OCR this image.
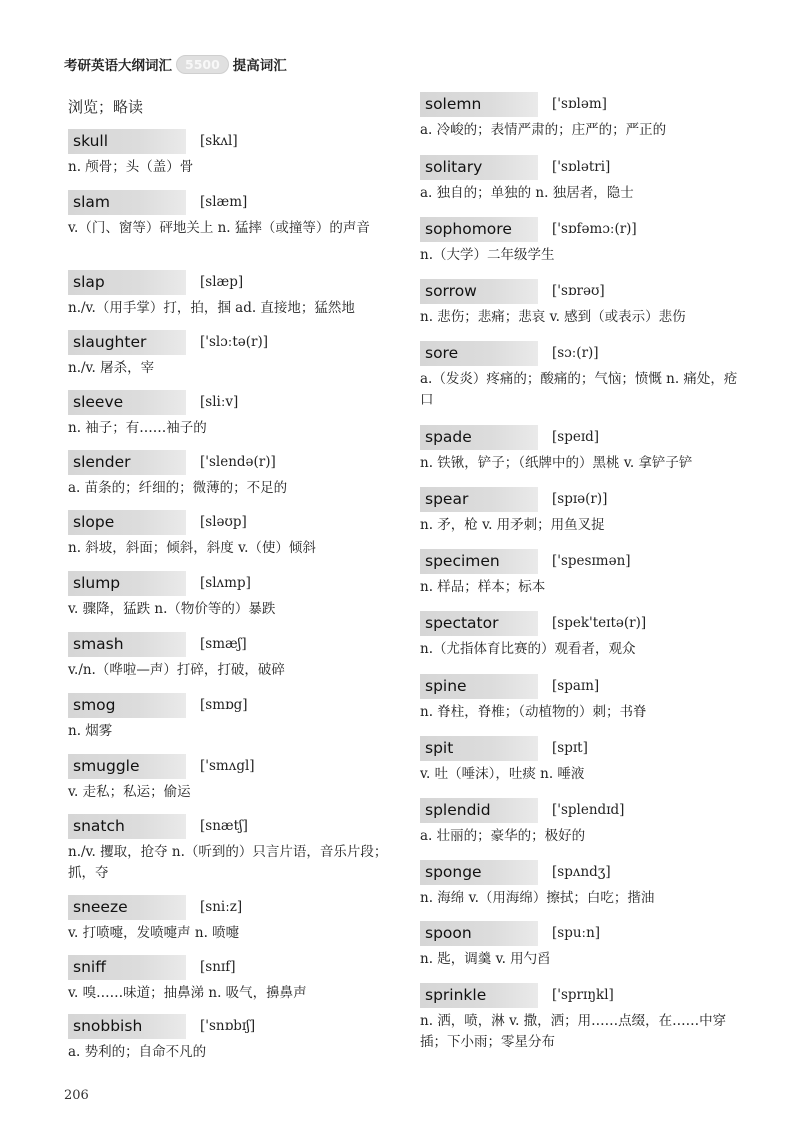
考研英语大纲词汇	5500 提高词汇
浏览；略读
skull	[skʌl]
n. 颅骨；头（盖）骨
slam	[slæm]
v.（门、窗等）砰地关上 n. 猛摔（或撞等）的声音
slap	[slæp]
n./v.（用手掌）打，拍，掴 ad. 直接地；猛然地
slaughter	['slɔːtə(r)]
n./v. 屠杀，宰
sleeve	[sliːv]
n. 袖子；有……袖子的
slender	['slendə(r)]
a. 苗条的；纤细的；微薄的；不足的
slope	[sləʊp]
n. 斜坡，斜面；倾斜，斜度 v.（使）倾斜
slump	[slʌmp]
v. 骤降，猛跌 n.（物价等的）暴跌
smash	[smæʃ]
v./n.（哗啦—声）打碎，打破，破碎
smog	[smɒg]
n. 烟雾
smuggle	['smʌgl]
v. 走私；私运；偷运
snatch	[snætʃ]
n./v. 攫取，抢夺 n.（听到的）只言片语，音乐片段；抓，夺
sneeze	[sniːz]
v. 打喷嚏，发喷嚏声 n. 喷嚏
sniff	[snɪf]
v. 嗅……味道；抽鼻涕 n. 吸气，擤鼻声
snobbish	['snɒbɪʃ]
a. 势利的；自命不凡的
solemn	['sɒləm]
a. 冷峻的；表情严肃的；庄严的；严正的
solitary	['sɒlətri]
a. 独自的；单独的 n. 独居者，隐士
sophomore	['sɒfəmɔː(r)]
n.（大学）二年级学生
sorrow	['sɒrəʊ]
n. 悲伤；悲痛；悲哀 v. 感到（或表示）悲伤
sore	[sɔː(r)]
a.（发炎）疼痛的；酸痛的；气恼；愤慨 n. 痛处，疮口
spade	[speɪd]
n. 铁锹，铲子；（纸牌中的）黑桃 v. 拿铲子铲
spear	[spɪə(r)]
n. 矛，枪 v. 用矛刺；用鱼叉捉
specimen	['spesɪmən]
n. 样品；样本；标本
spectator	[spek'teɪtə(r)]
n.（尤指体育比赛的）观看者，观众
spine	[spaɪn]
n. 脊柱，脊椎；（动植物的）刺；书脊
spit	[spɪt]
v. 吐（唾沫），吐痰 n. 唾液
splendid	['splendɪd]
a. 壮丽的；豪华的；极好的
sponge	[spʌndʒ]
n. 海绵 v.（用海绵）擦拭；白吃；揩油
spoon	[spuːn]
n. 匙，调羹 v. 用勺舀
sprinkle	['sprɪŋkl]
n. 洒，喷，淋 v. 撒，洒；用……点缀，在……中穿插；下小雨；零星分布
206
